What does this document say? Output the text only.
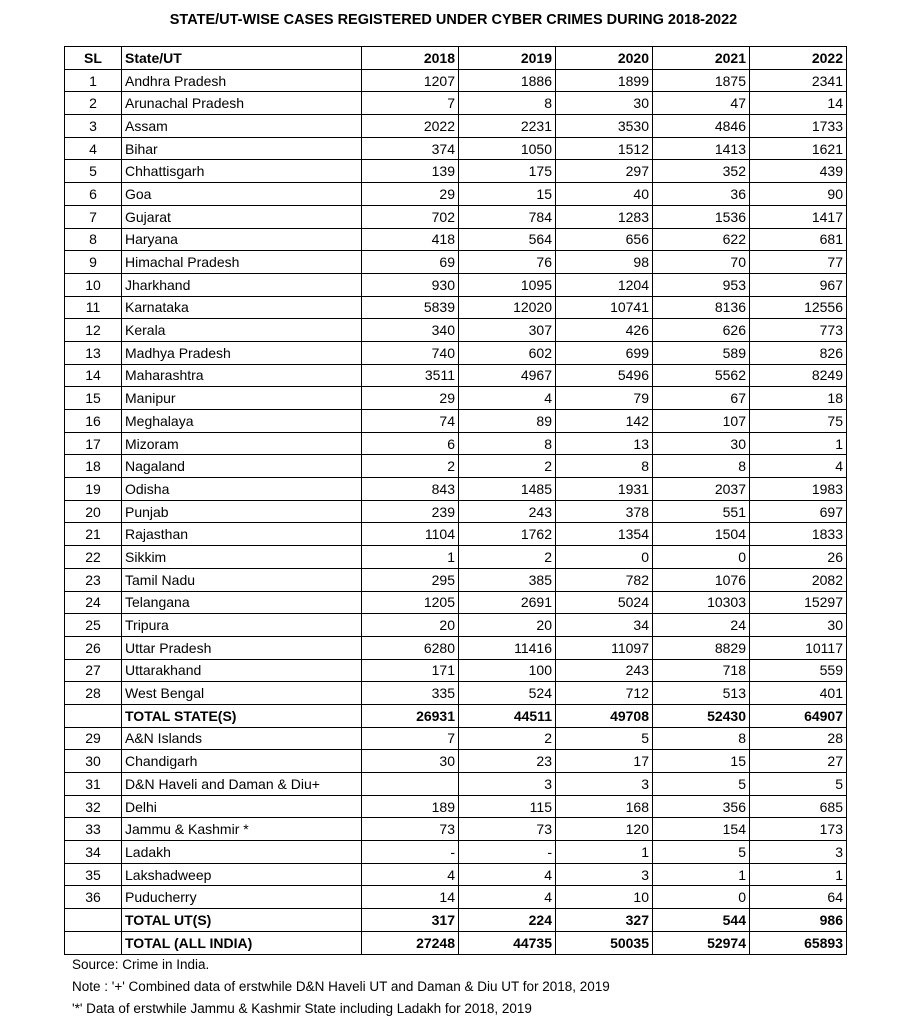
STATE/UT-WISE CASES REGISTERED UNDER CYBER CRIMES DURING 2018-2022
SL	State/UT	2018	2019	2020	2021	2022
1	Andhra Pradesh	1207	1886	1899	1875	2341
2	Arunachal Pradesh	7	8	30	47	14
3	Assam	2022	2231	3530	4846	1733
4	Bihar	374	1050	1512	1413	1621
5	Chhattisgarh	139	175	297	352	439
6	Goa	29	15	40	36	90
7	Gujarat	702	784	1283	1536	1417
8	Haryana	418	564	656	622	681
9	Himachal Pradesh	69	76	98	70	77
10	Jharkhand	930	1095	1204	953	967
11	Karnataka	5839	12020	10741	8136	12556
12	Kerala	340	307	426	626	773
13	Madhya Pradesh	740	602	699	589	826
14	Maharashtra	3511	4967	5496	5562	8249
15	Manipur	29	4	79	67	18
16	Meghalaya	74	89	142	107	75
17	Mizoram	6	8	13	30	1
18	Nagaland	2	2	8	8	4
19	Odisha	843	1485	1931	2037	1983
20	Punjab	239	243	378	551	697
21	Rajasthan	1104	1762	1354	1504	1833
22	Sikkim	1	2	0	0	26
23	Tamil Nadu	295	385	782	1076	2082
24	Telangana	1205	2691	5024	10303	15297
25	Tripura	20	20	34	24	30
26	Uttar Pradesh	6280	11416	11097	8829	10117
27	Uttarakhand	171	100	243	718	559
28	West Bengal	335	524	712	513	401
	TOTAL STATE(S)	26931	44511	49708	52430	64907
29	A&N Islands	7	2	5	8	28
30	Chandigarh	30	23	17	15	27
31	D&N Haveli and Daman & Diu+		3	3	5	5
32	Delhi	189	115	168	356	685
33	Jammu & Kashmir *	73	73	120	154	173
34	Ladakh	-	-	1	5	3
35	Lakshadweep	4	4	3	1	1
36	Puducherry	14	4	10	0	64
	TOTAL UT(S)	317	224	327	544	986
	TOTAL (ALL INDIA)	27248	44735	50035	52974	65893
Source: Crime in India.
Note : '+' Combined data of erstwhile D&N Haveli UT and Daman & Diu UT for 2018, 2019
'*' Data of erstwhile Jammu & Kashmir State including Ladakh for 2018, 2019
